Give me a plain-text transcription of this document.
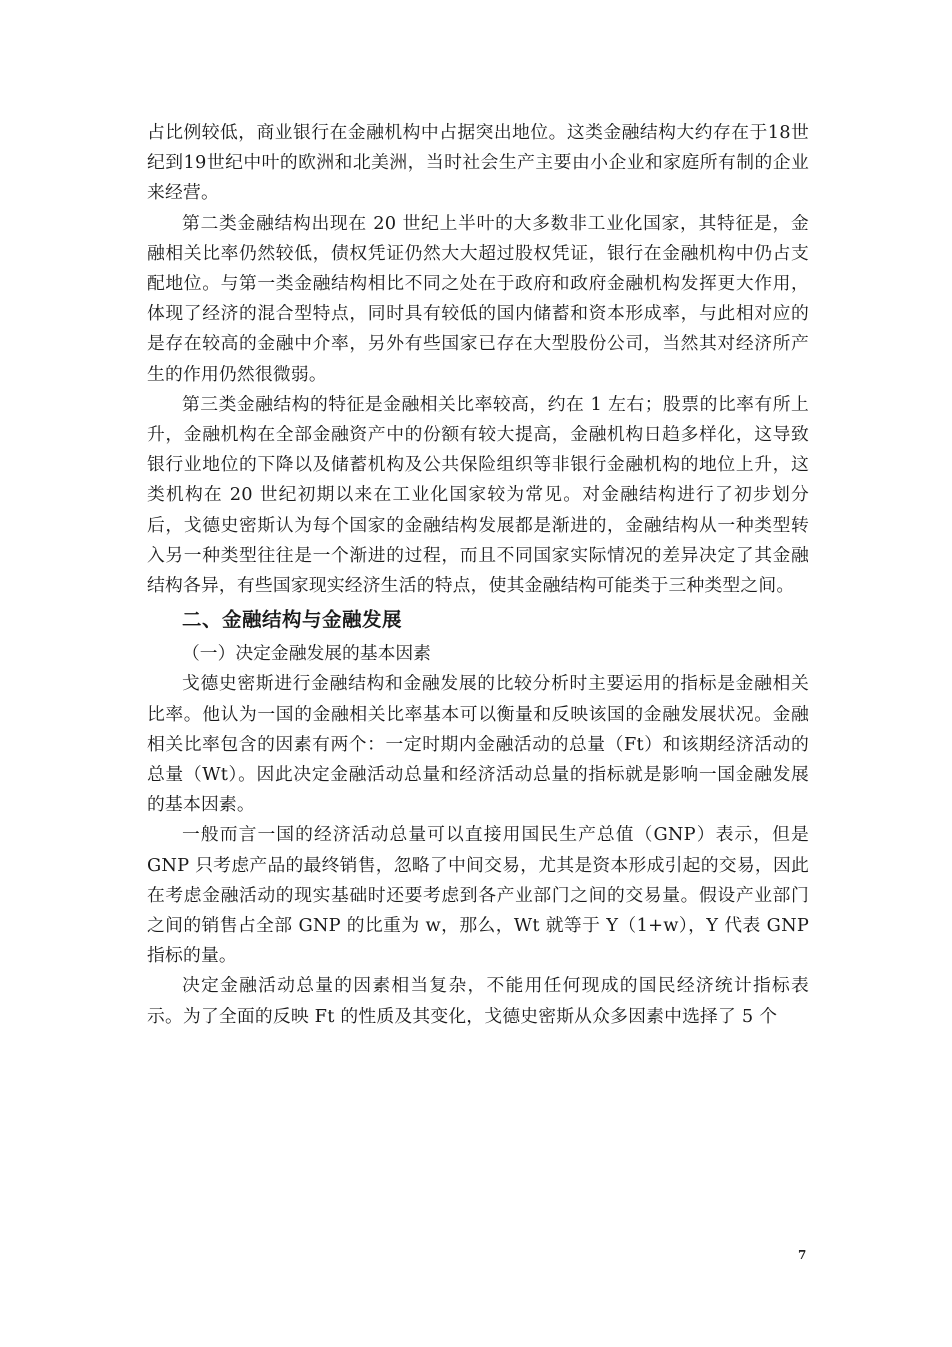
占比例较低，商业银行在金融机构中占据突出地位。这类金融结构大约存在于18世纪到19世纪中叶的欧洲和北美洲，当时社会生产主要由小企业和家庭所有制的企业来经营。

第二类金融结构出现在 20 世纪上半叶的大多数非工业化国家，其特征是，金融相关比率仍然较低，债权凭证仍然大大超过股权凭证，银行在金融机构中仍占支配地位。与第一类金融结构相比不同之处在于政府和政府金融机构发挥更大作用，体现了经济的混合型特点，同时具有较低的国内储蓄和资本形成率，与此相对应的是存在较高的金融中介率，另外有些国家已存在大型股份公司，当然其对经济所产生的作用仍然很微弱。

第三类金融结构的特征是金融相关比率较高，约在 1 左右；股票的比率有所上升，金融机构在全部金融资产中的份额有较大提高，金融机构日趋多样化，这导致银行业地位的下降以及储蓄机构及公共保险组织等非银行金融机构的地位上升，这类机构在 20 世纪初期以来在工业化国家较为常见。对金融结构进行了初步划分后，戈德史密斯认为每个国家的金融结构发展都是渐进的，金融结构从一种类型转入另一种类型往往是一个渐进的过程，而且不同国家实际情况的差异决定了其金融结构各异，有些国家现实经济生活的特点，使其金融结构可能类于三种类型之间。

二、金融结构与金融发展

（一）决定金融发展的基本因素

戈德史密斯进行金融结构和金融发展的比较分析时主要运用的指标是金融相关比率。他认为一国的金融相关比率基本可以衡量和反映该国的金融发展状况。金融相关比率包含的因素有两个：一定时期内金融活动的总量（Ft）和该期经济活动的总量（Wt）。因此决定金融活动总量和经济活动总量的指标就是影响一国金融发展的基本因素。

一般而言一国的经济活动总量可以直接用国民生产总值（GNP）表示，但是GNP 只考虑产品的最终销售，忽略了中间交易，尤其是资本形成引起的交易，因此在考虑金融活动的现实基础时还要考虑到各产业部门之间的交易量。假设产业部门之间的销售占全部 GNP 的比重为 w，那么，Wt 就等于 Y（1+w），Y 代表 GNP 指标的量。

决定金融活动总量的因素相当复杂，不能用任何现成的国民经济统计指标表示。为了全面的反映 Ft 的性质及其变化，戈德史密斯从众多因素中选择了 5 个

7
